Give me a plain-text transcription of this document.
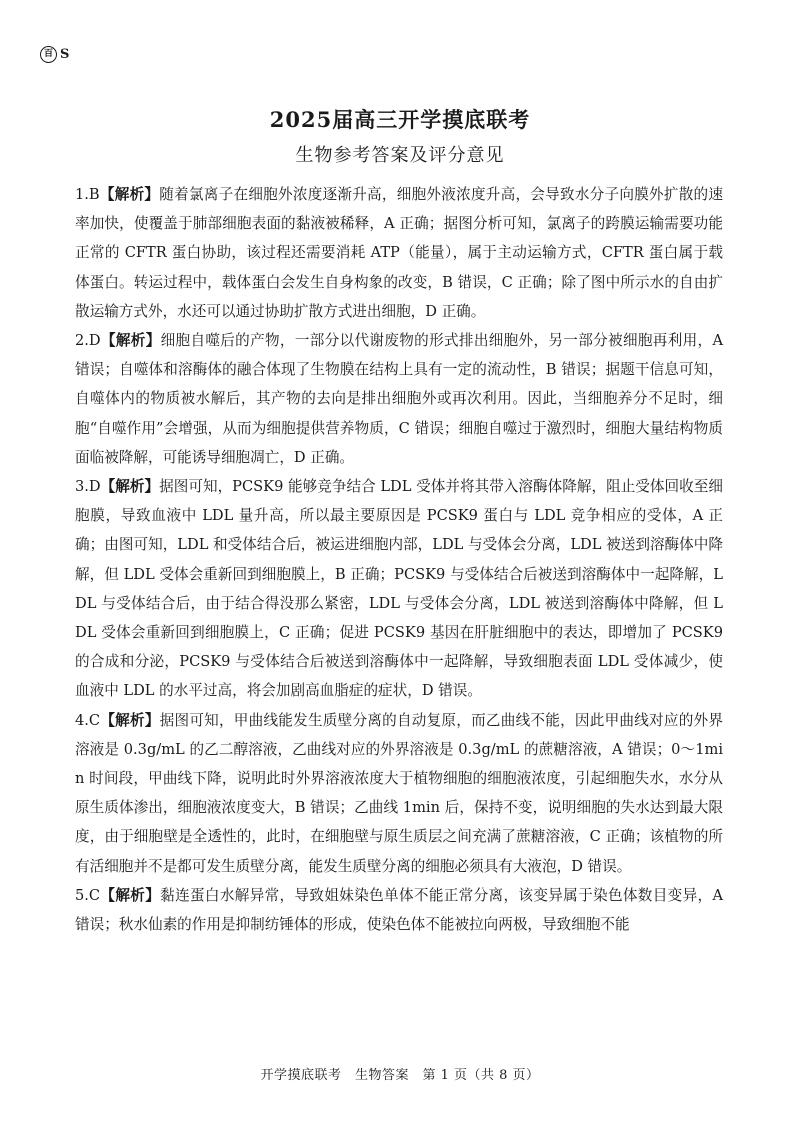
百 S
2025届高三开学摸底联考
生物参考答案及评分意见

1.B【解析】随着氯离子在细胞外浓度逐渐升高，细胞外液浓度升高，会导致水分子向膜外扩散的速率加快，使覆盖于肺部细胞表面的黏液被稀释，A 正确；据图分析可知，氯离子的跨膜运输需要功能正常的 CFTR 蛋白协助，该过程还需要消耗 ATP（能量），属于主动运输方式，CFTR 蛋白属于载体蛋白。转运过程中，载体蛋白会发生自身构象的改变，B 错误，C 正确；除了图中所示水的自由扩散运输方式外，水还可以通过协助扩散方式进出细胞，D 正确。

2.D【解析】细胞自噬后的产物，一部分以代谢废物的形式排出细胞外，另一部分被细胞再利用，A 错误；自噬体和溶酶体的融合体现了生物膜在结构上具有一定的流动性，B 错误；据题干信息可知，自噬体内的物质被水解后，其产物的去向是排出细胞外或再次利用。因此，当细胞养分不足时，细胞“自噬作用”会增强，从而为细胞提供营养物质，C 错误；细胞自噬过于激烈时，细胞大量结构物质面临被降解，可能诱导细胞凋亡，D 正确。

3.D【解析】据图可知，PCSK9 能够竞争结合 LDL 受体并将其带入溶酶体降解，阻止受体回收至细胞膜，导致血液中 LDL 量升高，所以最主要原因是 PCSK9 蛋白与 LDL 竞争相应的受体，A 正确；由图可知，LDL 和受体结合后，被运进细胞内部，LDL 与受体会分离，LDL 被送到溶酶体中降解，但 LDL 受体会重新回到细胞膜上，B 正确；PCSK9 与受体结合后被送到溶酶体中一起降解，LDL 与受体结合后，由于结合得没那么紧密，LDL 与受体会分离，LDL 被送到溶酶体中降解，但 LDL 受体会重新回到细胞膜上，C 正确；促进 PCSK9 基因在肝脏细胞中的表达，即增加了 PCSK9 的合成和分泌，PCSK9 与受体结合后被送到溶酶体中一起降解，导致细胞表面 LDL 受体减少，使血液中 LDL 的水平过高，将会加剧高血脂症的症状，D 错误。

4.C【解析】据图可知，甲曲线能发生质壁分离的自动复原，而乙曲线不能，因此甲曲线对应的外界溶液是 0.3g/mL 的乙二醇溶液，乙曲线对应的外界溶液是 0.3g/mL 的蔗糖溶液，A 错误；0～1min 时间段，甲曲线下降，说明此时外界溶液浓度大于植物细胞的细胞液浓度，引起细胞失水，水分从原生质体渗出，细胞液浓度变大，B 错误；乙曲线 1min 后，保持不变，说明细胞的失水达到最大限度，由于细胞壁是全透性的，此时，在细胞壁与原生质层之间充满了蔗糖溶液，C 正确；该植物的所有活细胞并不是都可发生质壁分离，能发生质壁分离的细胞必须具有大液泡，D 错误。

5.C【解析】黏连蛋白水解异常，导致姐妹染色单体不能正常分离，该变异属于染色体数目变异，A 错误；秋水仙素的作用是抑制纺锤体的形成，使染色体不能被拉向两极，导致细胞不能

开学摸底联考　生物答案　第 1 页（共 8 页）
